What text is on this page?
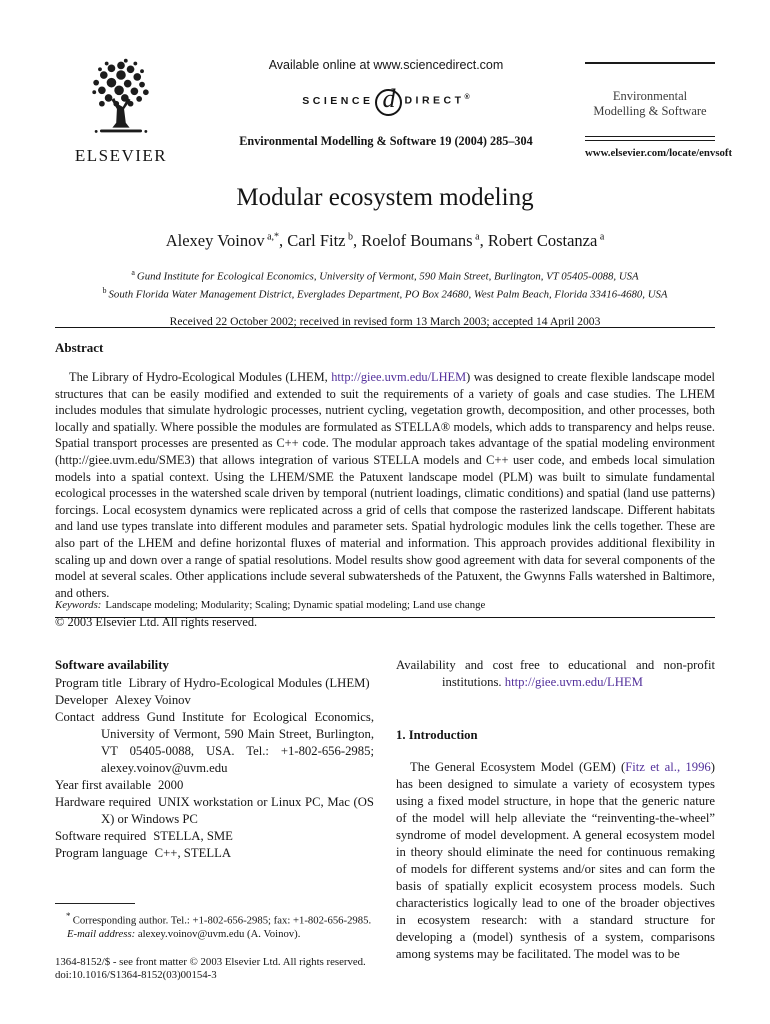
ELSEVIER
Available online at www.sciencedirect.com
SCIENCE d DIRECT®
Environmental Modelling & Software 19 (2004) 285–304
Environmental
Modelling & Software
www.elsevier.com/locate/envsoft
Modular ecosystem modeling
Alexey Voinov $^{a,*}$, Carl Fitz $^b$, Roelof Boumans $^a$, Robert Costanza $^a$
$^a$ Gund Institute for Ecological Economics, University of Vermont, 590 Main Street, Burlington, VT 05405-0088, USA
$^b$ South Florida Water Management District, Everglades Department, PO Box 24680, West Palm Beach, Florida 33416-4680, USA
Received 22 October 2002; received in revised form 13 March 2003; accepted 14 April 2003
Abstract

The Library of Hydro-Ecological Modules (LHEM, http://giee.uvm.edu/LHEM) was designed to create flexible landscape model structures that can be easily modified and extended to suit the requirements of a variety of goals and case studies. The LHEM includes modules that simulate hydrologic processes, nutrient cycling, vegetation growth, decomposition, and other processes, both locally and spatially. Where possible the modules are formulated as STELLA® models, which adds to transparency and helps reuse. Spatial transport processes are presented as C++ code. The modular approach takes advantage of the spatial modeling environment (http://giee.uvm.edu/SME3) that allows integration of various STELLA models and C++ user code, and embeds local simulation models into a spatial context. Using the LHEM/SME the Patuxent landscape model (PLM) was built to simulate fundamental ecological processes in the watershed scale driven by temporal (nutrient loadings, climatic conditions) and spatial (land use patterns) forcings. Local ecosystem dynamics were replicated across a grid of cells that compose the rasterized landscape. Different habitats and land use types translate into different modules and parameter sets. Spatial hydrologic modules link the cells together. These are also part of the LHEM and define horizontal fluxes of material and information. This approach provides additional flexibility in scaling up and down over a range of spatial resolutions. Model results show good agreement with data for several components of the model at several scales. Other applications include several subwatersheds of the Patuxent, the Gwynns Falls watershed in Baltimore, and others.

© 2003 Elsevier Ltd. All rights reserved.
Keywords: Landscape modeling; Modularity; Scaling; Dynamic spatial modeling; Land use change
Software availability
Program title Library of Hydro-Ecological Modules (LHEM)
Developer Alexey Voinov
Contact address Gund Institute for Ecological Economics, University of Vermont, 590 Main Street, Burlington, VT 05405-0088, USA. Tel.: +1-802-656-2985; alexey.voinov@uvm.edu
Year first available 2000
Hardware required UNIX workstation or Linux PC, Mac (OS X) or Windows PC
Software required STELLA, SME
Program language C++, STELLA
Availability and cost free to educational and non-profit institutions. http://giee.uvm.edu/LHEM
1. Introduction

The General Ecosystem Model (GEM) (Fitz et al., 1996) has been designed to simulate a variety of ecosystem types using a fixed model structure, in hope that the generic nature of the model will help alleviate the “reinventing-the-wheel” syndrome of model development. A general ecosystem model in theory should eliminate the need for continuous remaking of models for different systems and/or sites and can form the basis of spatially explicit ecosystem process models. Such characteristics logically lead to one of the broader objectives in ecosystem research: with a standard structure for developing a (model) synthesis of a system, comparisons among systems may be facilitated. The model was to be

* Corresponding author. Tel.: +1-802-656-2985; fax: +1-802-656-2985.
E-mail address: alexey.voinov@uvm.edu (A. Voinov).
1364-8152/$ - see front matter © 2003 Elsevier Ltd. All rights reserved.
doi:10.1016/S1364-8152(03)00154-3
